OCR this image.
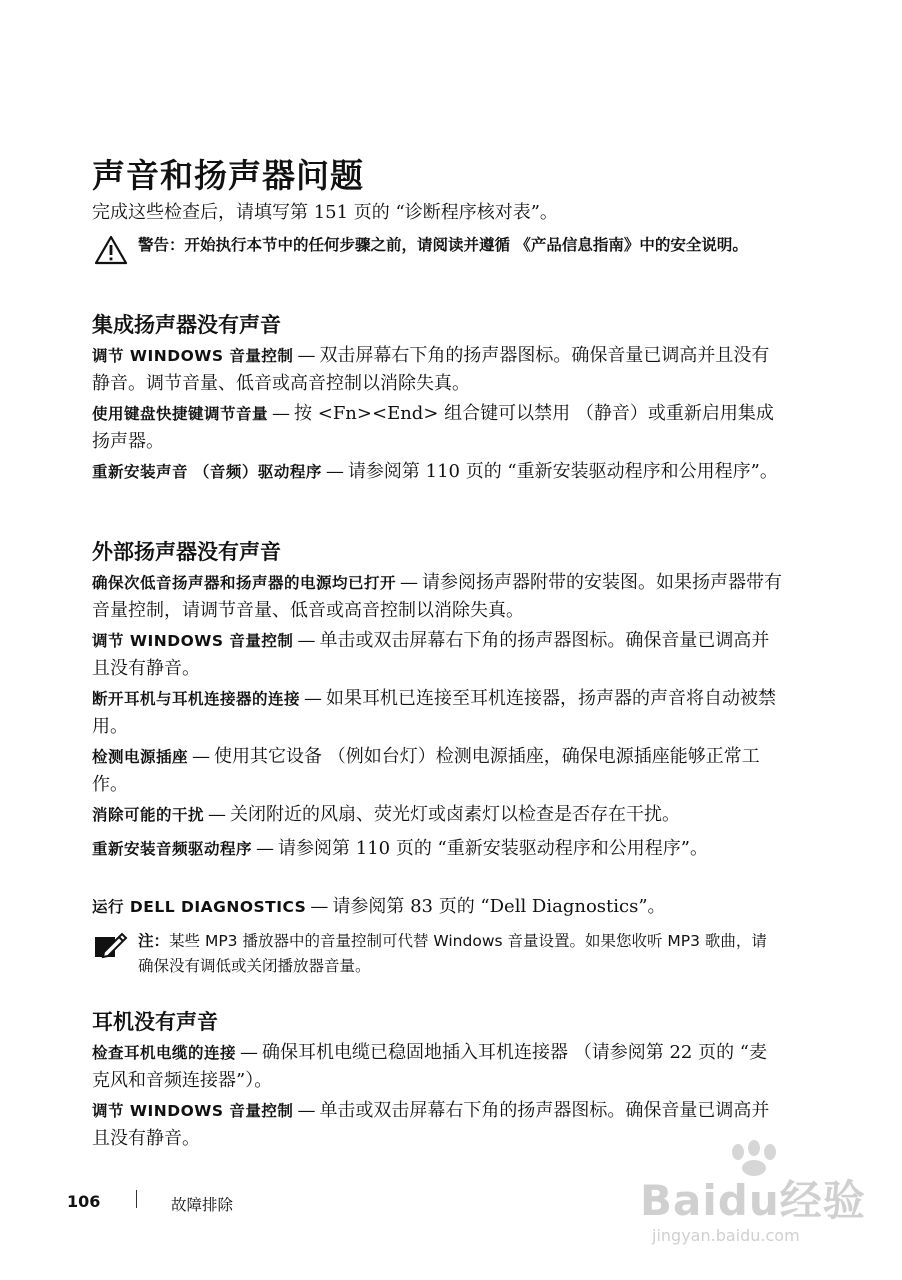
声音和扬声器问题

完成这些检查后，请填写第 151 页的 “诊断程序核对表”。

警告：开始执行本节中的任何步骤之前，请阅读并遵循 《产品信息指南》中的安全说明。
集成扬声器没有声音

调节 WINDOWS 音量控制 — 双击屏幕右下角的扬声器图标。确保音量已调高并且没有静音。调节音量、低音或高音控制以消除失真。

使用键盘快捷键调节音量 — 按 <Fn><End> 组合键可以禁用 （静音）或重新启用集成扬声器。

重新安装声音 （音频）驱动程序 — 请参阅第 110 页的 “重新安装驱动程序和公用程序”。

外部扬声器没有声音

确保次低音扬声器和扬声器的电源均已打开 — 请参阅扬声器附带的安装图。如果扬声器带有音量控制，请调节音量、低音或高音控制以消除失真。

调节 WINDOWS 音量控制 — 单击或双击屏幕右下角的扬声器图标。确保音量已调高并且没有静音。

断开耳机与耳机连接器的连接 — 如果耳机已连接至耳机连接器，扬声器的声音将自动被禁用。

检测电源插座 — 使用其它设备 （例如台灯）检测电源插座，确保电源插座能够正常工作。

消除可能的干扰 — 关闭附近的风扇、荧光灯或卤素灯以检查是否存在干扰。

重新安装音频驱动程序 — 请参阅第 110 页的 “重新安装驱动程序和公用程序”。

运行 DELL DIAGNOSTICS — 请参阅第 83 页的 “Dell Diagnostics”。

注：某些 MP3 播放器中的音量控制可代替 Windows 音量设置。如果您收听 MP3 歌曲，请确保没有调低或关闭播放器音量。
耳机没有声音

检查耳机电缆的连接 — 确保耳机电缆已稳固地插入耳机连接器 （请参阅第 22 页的 “麦克风和音频连接器”）。

调节 WINDOWS 音量控制 — 单击或双击屏幕右下角的扬声器图标。确保音量已调高并且没有静音。

106	故障排除	Baidu经验
jingyan.baidu.com
